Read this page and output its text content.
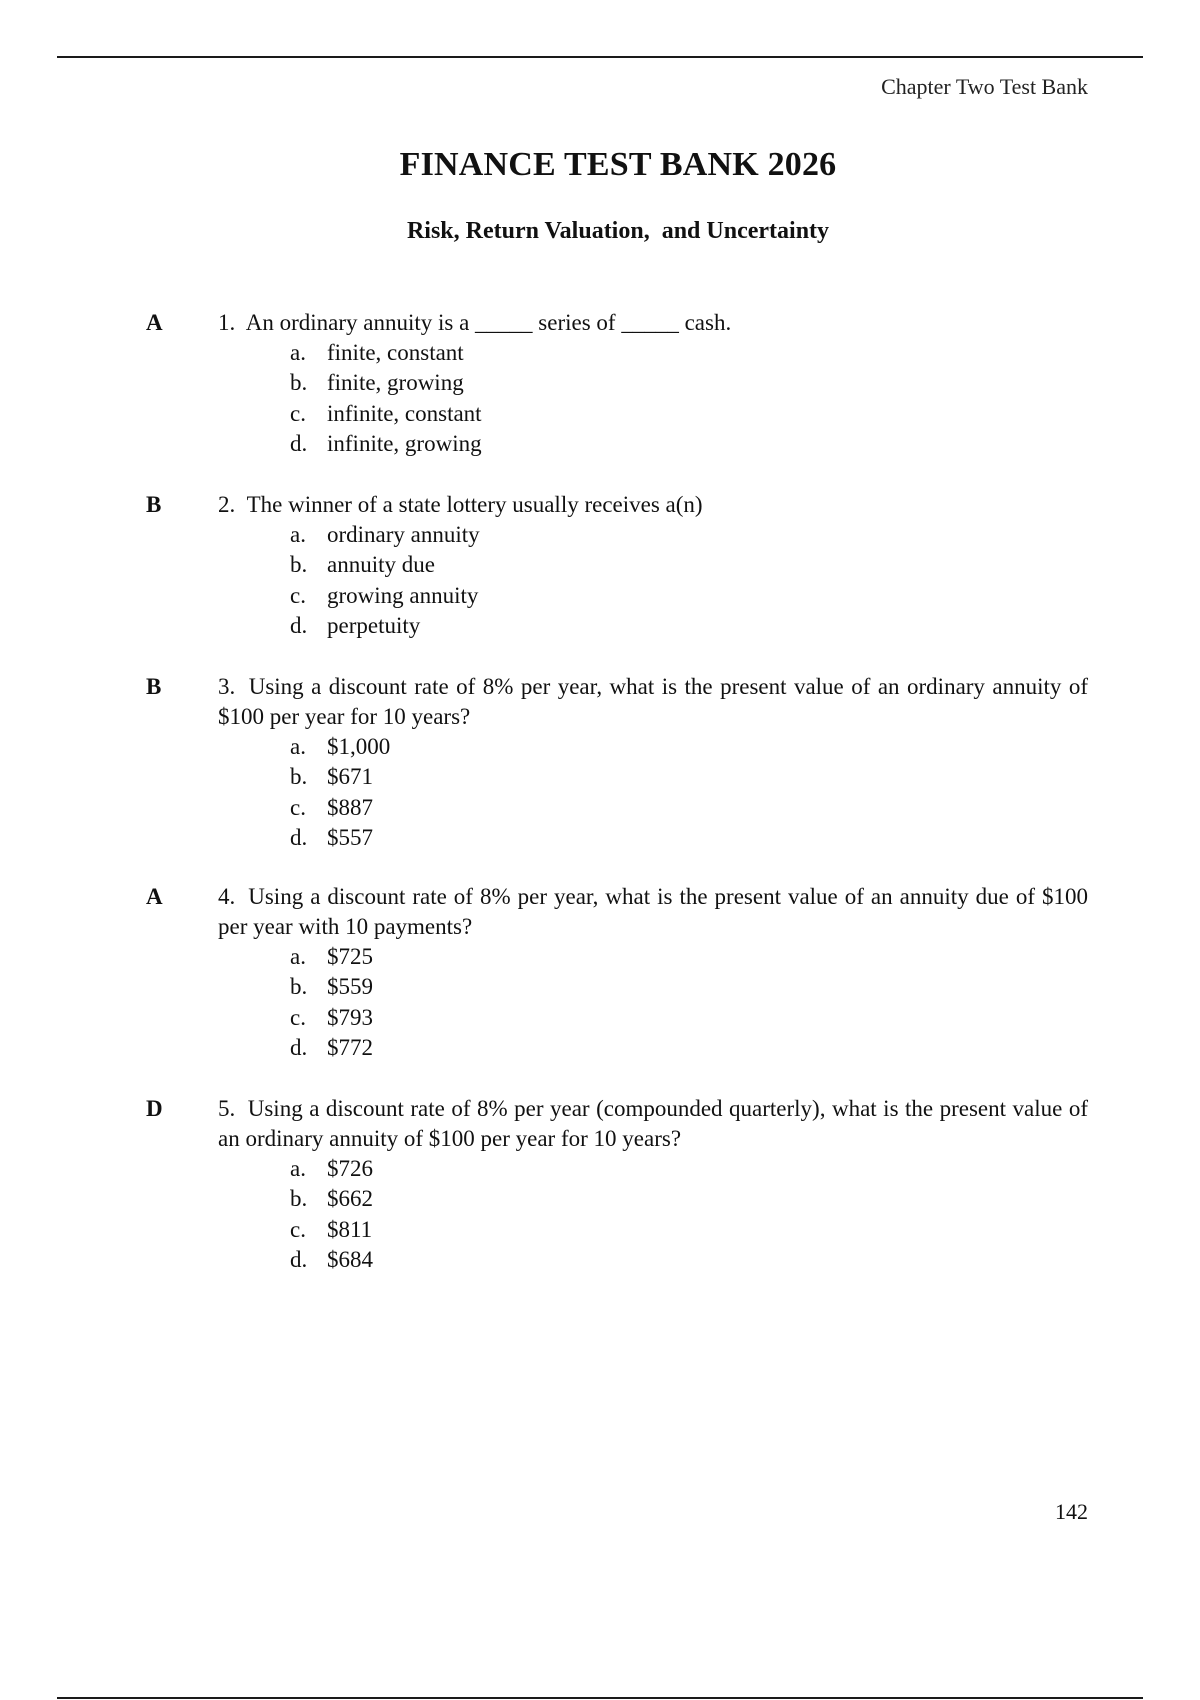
Chapter Two Test Bank
FINANCE TEST BANK 2026
Risk, Return Valuation,  and Uncertainty
A 1. An ordinary annuity is a _____ series of _____ cash.
a. finite, constant
b. finite, growing
c. infinite, constant
d. infinite, growing
B 2. The winner of a state lottery usually receives a(n)
a. ordinary annuity
b. annuity due
c. growing annuity
d. perpetuity
B 3. Using a discount rate of 8% per year, what is the present value of an ordinary annuity of $100 per year for 10 years?
a. $1,000
b. $671
c. $887
d. $557
A 4. Using a discount rate of 8% per year, what is the present value of an annuity due of $100 per year with 10 payments?
a. $725
b. $559
c. $793
d. $772
D 5. Using a discount rate of 8% per year (compounded quarterly), what is the present value of an ordinary annuity of $100 per year for 10 years?
a. $726
b. $662
c. $811
d. $684
142
